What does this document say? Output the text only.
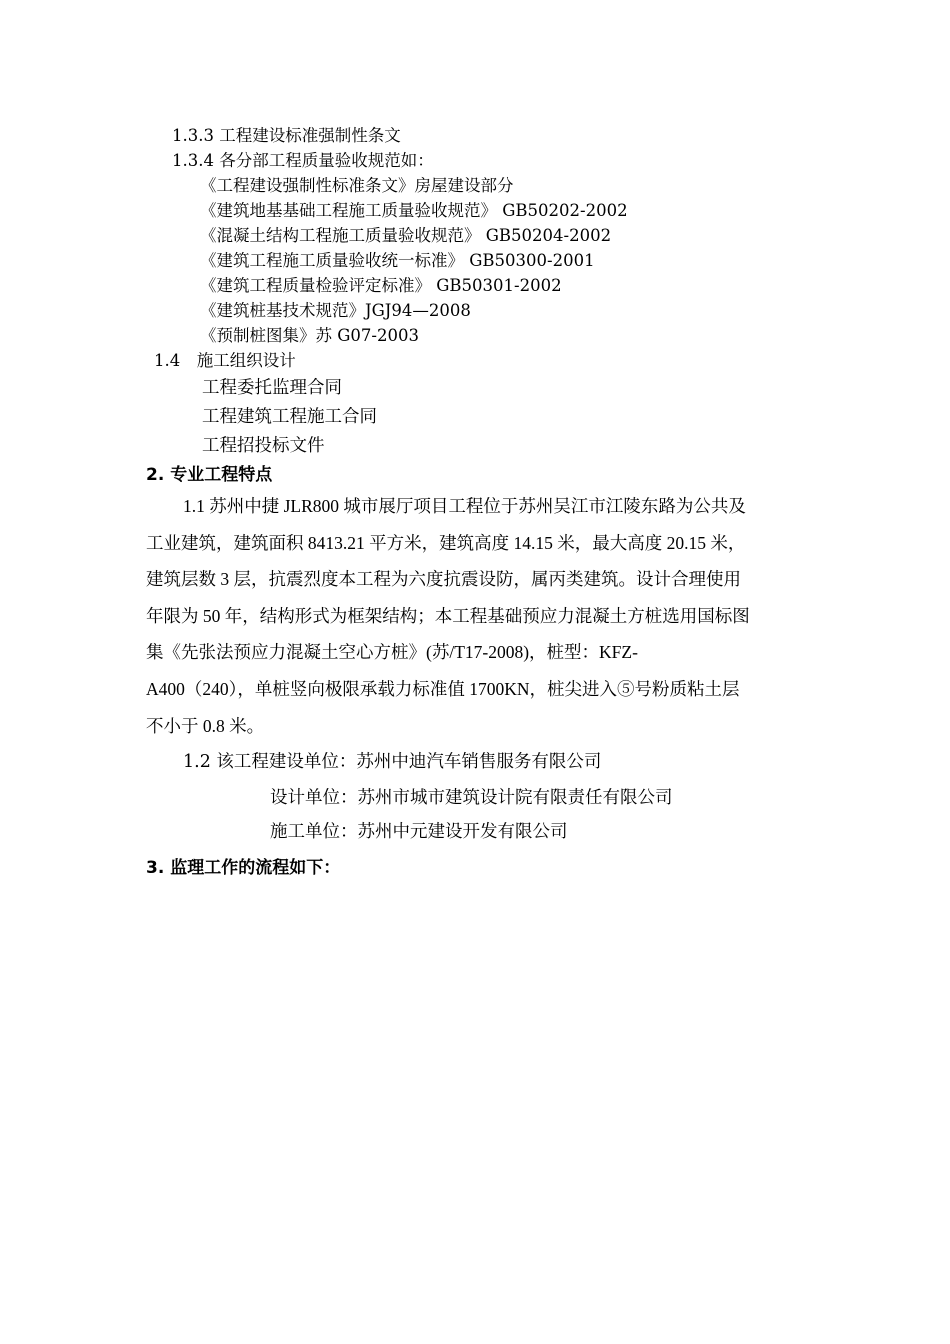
1.3.3 工程建设标准强制性条文
1.3.4 各分部工程质量验收规范如：
《工程建设强制性标准条文》房屋建设部分
《建筑地基基础工程施工质量验收规范》 GB50202-2002
《混凝土结构工程施工质量验收规范》 GB50204-2002
《建筑工程施工质量验收统一标准》 GB50300-2001
《建筑工程质量检验评定标准》 GB50301-2002
《建筑桩基技术规范》JGJ94—2008
《预制桩图集》苏 G07-2003
1.4　施工组织设计
工程委托监理合同
工程建筑工程施工合同
工程招投标文件
2. 专业工程特点
1.1 苏州中捷 JLR800 城市展厅项目工程位于苏州吴江市江陵东路为公共及
工业建筑，建筑面积 8413.21 平方米，建筑高度 14.15 米，最大高度 20.15 米，
建筑层数 3 层，抗震烈度本工程为六度抗震设防，属丙类建筑。设计合理使用
年限为 50 年，结构形式为框架结构；本工程基础预应力混凝土方桩选用国标图
集《先张法预应力混凝土空心方桩》(苏/T17-2008)，桩型：KFZ-
A400（240），单桩竖向极限承载力标准值 1700KN，桩尖进入⑤号粉质粘土层
不小于 0.8 米。
1.2 该工程建设单位：苏州中迪汽车销售服务有限公司
设计单位：苏州市城市建筑设计院有限责任有限公司
施工单位：苏州中元建设开发有限公司
3. 监理工作的流程如下：
